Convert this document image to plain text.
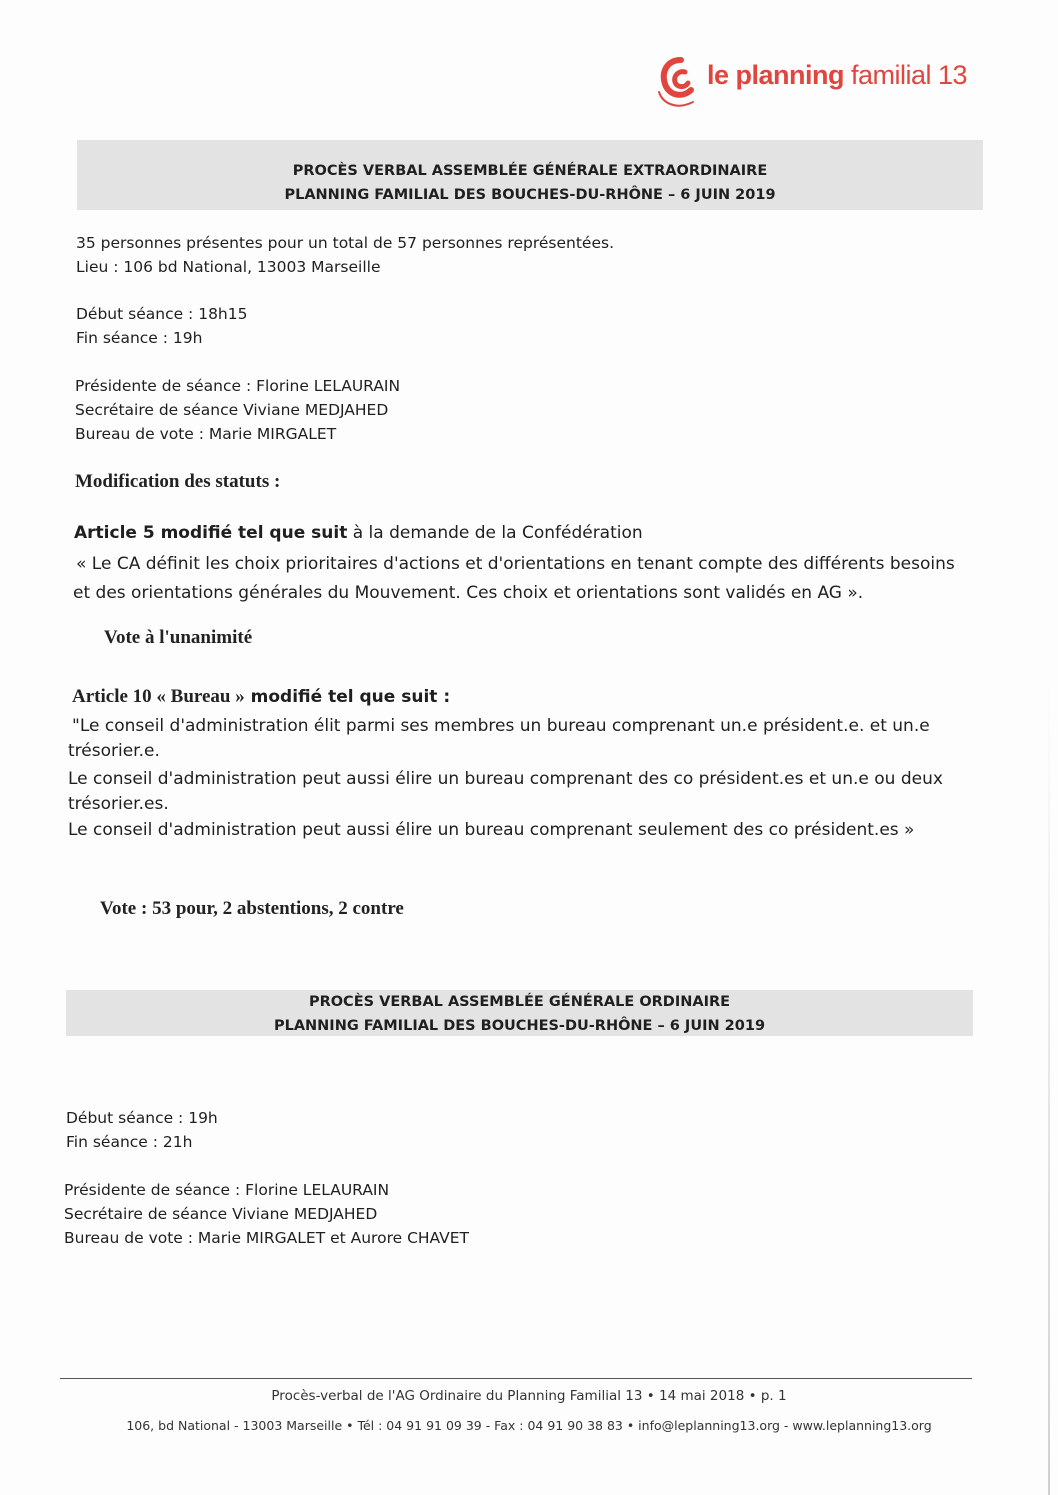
le planning familial 13
PROCÈS VERBAL ASSEMBLÉE GÉNÉRALE EXTRAORDINAIRE
PLANNING FAMILIAL DES BOUCHES-DU-RHÔNE – 6 JUIN 2019
35 personnes présentes pour un total de 57 personnes représentées.
Lieu : 106 bd National, 13003 Marseille
Début séance : 18h15
Fin séance : 19h
Présidente de séance : Florine LELAURAIN
Secrétaire de séance Viviane MEDJAHED
Bureau de vote : Marie MIRGALET
Modification des statuts :
Article 5 modifié tel que suit à la demande de la Confédération
« Le CA définit les choix prioritaires d'actions et d'orientations en tenant compte des différents besoins
et des orientations générales du Mouvement. Ces choix et orientations sont validés en AG ».
Vote à l'unanimité
Article 10 « Bureau » modifié tel que suit :
"Le conseil d'administration élit parmi ses membres un bureau comprenant un.e président.e. et un.e
trésorier.e.
Le conseil d'administration peut aussi élire un bureau comprenant des co président.es et un.e ou deux
trésorier.es.
Le conseil d'administration peut aussi élire un bureau comprenant seulement des co président.es »
Vote : 53 pour, 2 abstentions, 2 contre
PROCÈS VERBAL ASSEMBLÉE GÉNÉRALE ORDINAIRE
PLANNING FAMILIAL DES BOUCHES-DU-RHÔNE – 6 JUIN 2019
Début séance : 19h
Fin séance : 21h
Présidente de séance : Florine LELAURAIN
Secrétaire de séance Viviane MEDJAHED
Bureau de vote : Marie MIRGALET et Aurore CHAVET
Procès-verbal de l'AG Ordinaire du Planning Familial 13 • 14 mai 2018 • p. 1
106, bd National - 13003 Marseille • Tél : 04 91 91 09 39 - Fax : 04 91 90 38 83 • info@leplanning13.org - www.leplanning13.org
